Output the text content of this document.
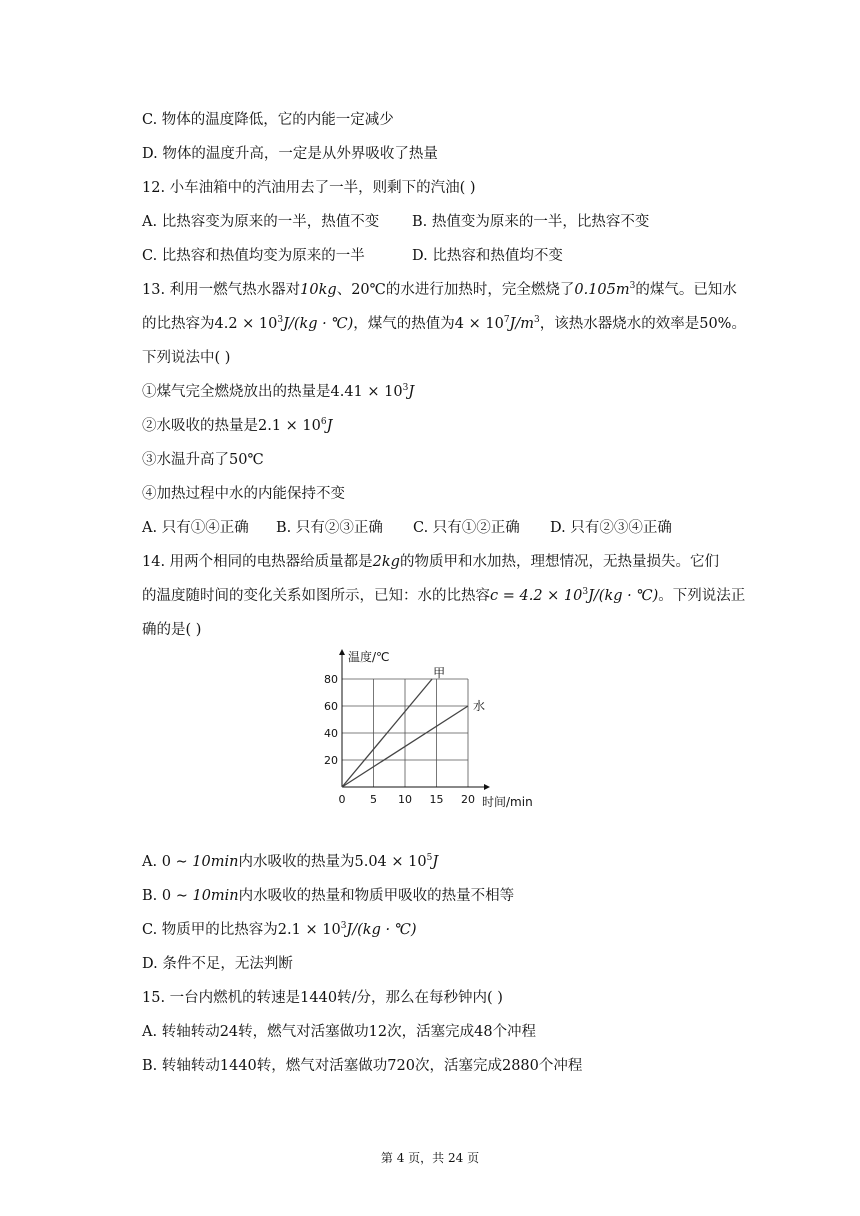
C. 物体的温度降低，它的内能一定减少
D. 物体的温度升高，一定是从外界吸收了热量
12. 小车油箱中的汽油用去了一半，则剩下的汽油( )
A. 比热容变为原来的一半，热值不变 B. 热值变为原来的一半，比热容不变
C. 比热容和热值均变为原来的一半	D. 比热容和热值均不变
13. 利用一燃气热水器对10kg、20℃的水进行加热时，完全燃烧了$0.105m^3$的煤气。已知水
的比热容为$4.2 \times 10^3J/(kg$ · ℃)，煤气的热值为$4 \times 10^7J/m^3$，该热水器烧水的效率是50%。
下列说法中( )
①煤气完全燃烧放出的热量是$4.41 \times 10^3J$
②水吸收的热量是$2.1 \times 10^6J$
③水温升高了50℃
④加热过程中水的内能保持不变
A. 只有①④正确 B. 只有②③正确 C. 只有①②正确 D. 只有②③④正确
14. 用两个相同的电热器给质量都是2kg的物质甲和水加热，理想情况，无热量损失。它们
的温度随时间的变化关系如图所示，已知：水的比热容$c = 4.2 \times 10^3J/(kg$ · ℃)。下列说法正
确的是( )
0 5 10 15 20
20
40
60
80
温度/℃
时间/min
甲
水
A. 0 ∼ 10min内水吸收的热量为$5.04 \times 10^5J$
B. 0 ∼ 10min内水吸收的热量和物质甲吸收的热量不相等
C. 物质甲的比热容为$2.1 \times 10^3J/(kg$ · ℃)
D. 条件不足，无法判断
15. 一台内燃机的转速是1440转/分，那么在每秒钟内( )
A. 转轴转动24转，燃气对活塞做功12次，活塞完成48个冲程
B. 转轴转动1440转，燃气对活塞做功720次，活塞完成2880个冲程
第 4 页，共 24 页
